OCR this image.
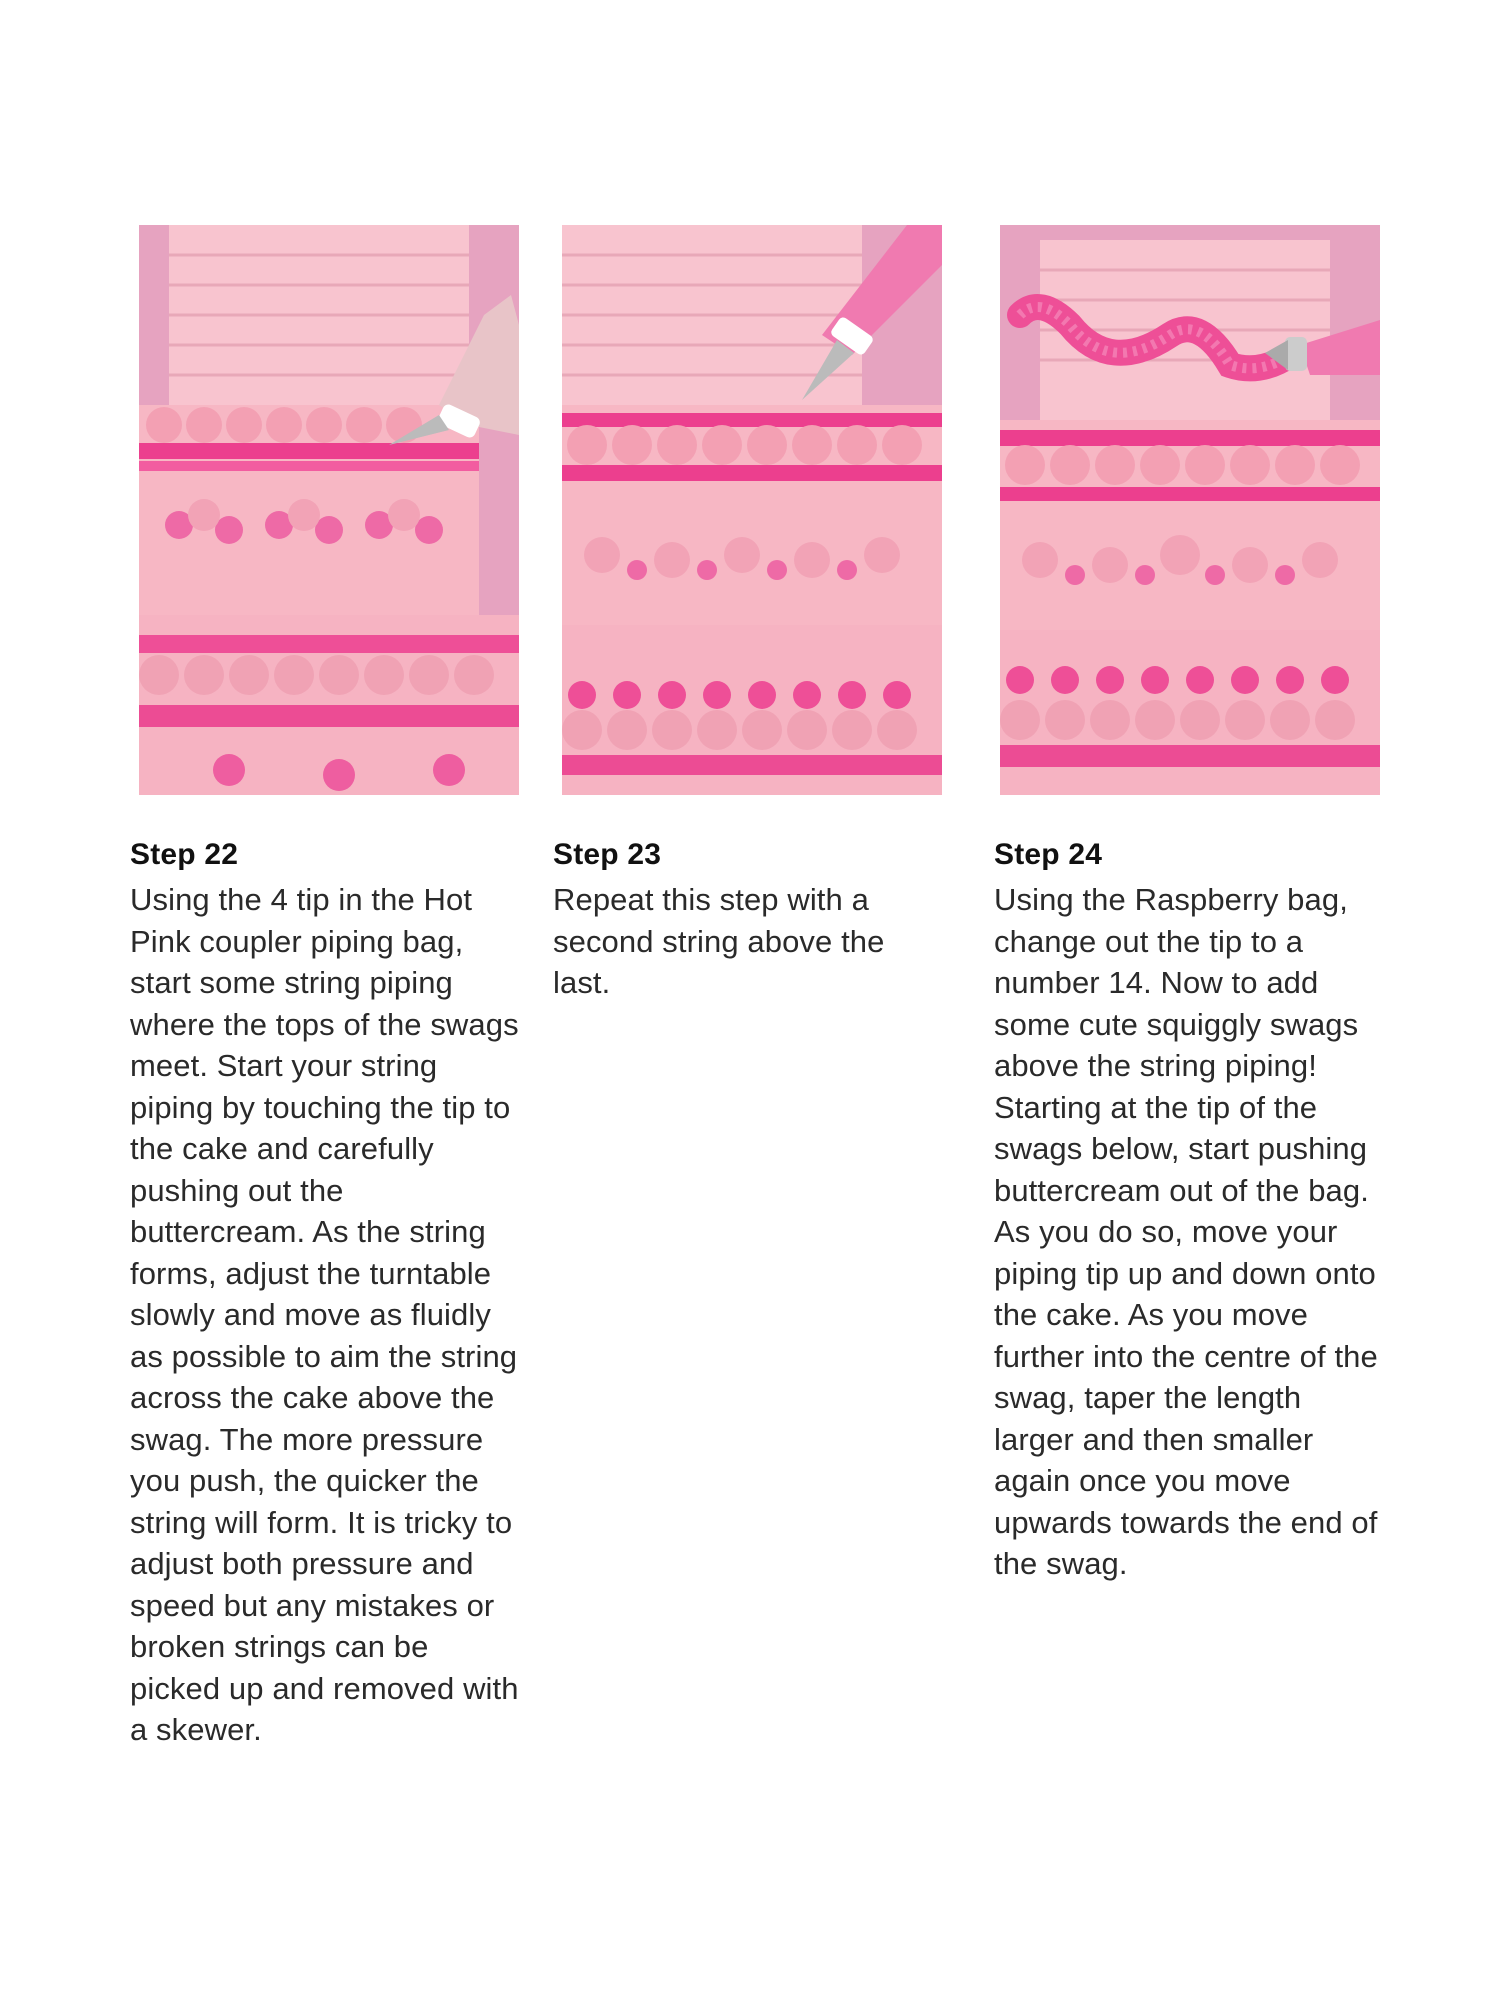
Step 22
Using the 4 tip in the Hot Pink coupler piping bag, start some string piping where the tops of the swags meet. Start your string piping by touching the tip to the cake and carefully pushing out the buttercream. As the string forms, adjust the turntable slowly and move as fluidly as possible to aim the string across the cake above the swag. The more pressure you push, the quicker the string will form. It is tricky to adjust both pressure and speed but any mistakes or broken strings can be picked up and removed with a skewer.
Step 23
Repeat this step with a second string above the last.
Step 24
Using the Raspberry bag, change out the tip to a number 14. Now to add some cute squiggly swags above the string piping! Starting at the tip of the swags below, start pushing buttercream out of the bag. As you do so, move your piping tip up and down onto the cake. As you move further into the centre of the swag, taper the length larger and then smaller again once you move upwards towards the end of the swag.
